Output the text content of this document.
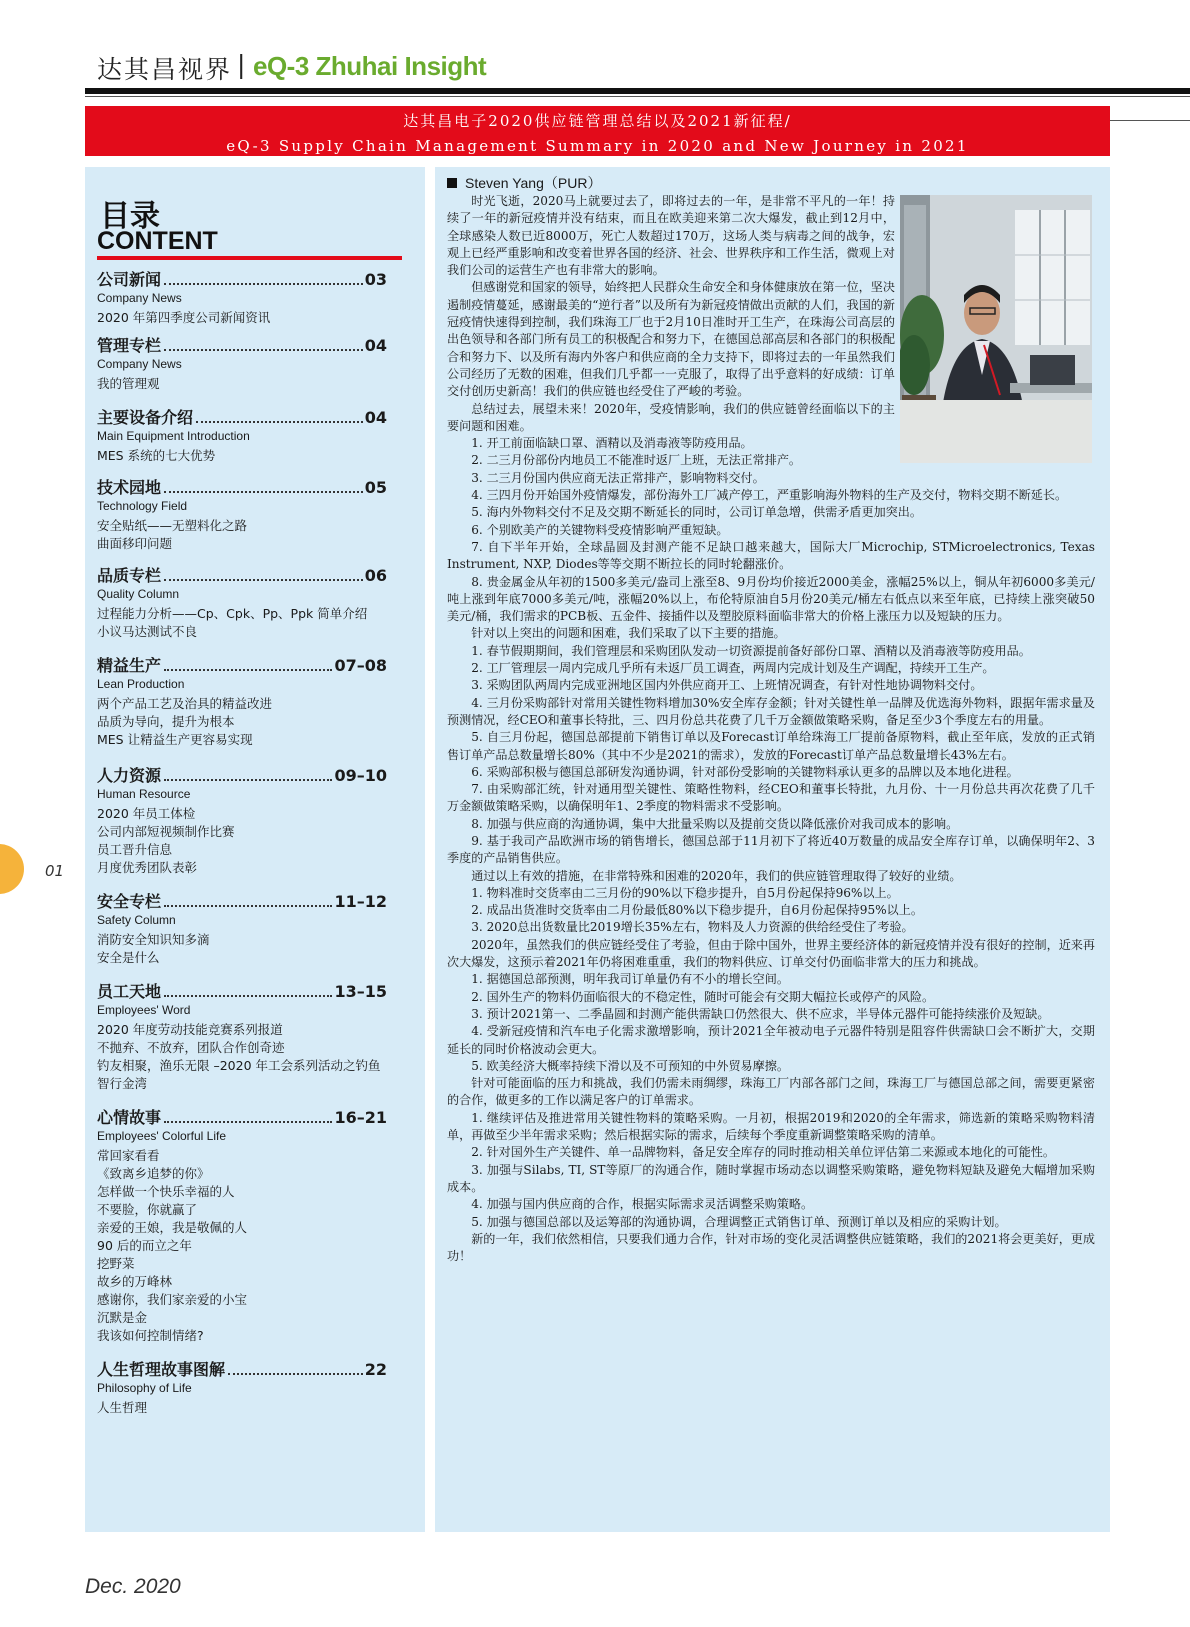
达其昌视界 | eQ-3 Zhuhai Insight
达其昌电子2020供应链管理总结以及2021新征程/
eQ-3 Supply Chain Management Summary in 2020 and New Journey in 2021
目录
CONTENT
公司新闻	03
Company News
2020 年第四季度公司新闻资讯
管理专栏	04
Company News
我的管理观
主要设备介绍	04
Main Equipment Introduction
MES 系统的七大优势
技术园地	05
Technology Field
安全贴纸——无塑料化之路
曲面移印问题
品质专栏	06
Quality Column
过程能力分析——Cp、Cpk、Pp、Ppk 简单介绍
小议马达测试不良
精益生产	07–08
Lean Production
两个产品工艺及治具的精益改进
品质为导向，提升为根本
MES 让精益生产更容易实现
人力资源	09–10
Human Resource
2020 年员工体检
公司内部短视频制作比赛
员工晋升信息
月度优秀团队表彰
安全专栏	11–12
Safety Column
消防安全知识知多滴
安全是什么
员工天地	13–15
Employees' Word
2020 年度劳动技能竞赛系列报道
不抛弃、不放弃，团队合作创奇迹
钓友相聚，渔乐无限 –2020 年工会系列活动之钓鱼
智行金湾
心情故事	16–21
Employees' Colorful Life
常回家看看
《致离乡追梦的你》
怎样做一个快乐幸福的人
不要脸，你就赢了
亲爱的王娘，我是敬佩的人
90 后的而立之年
挖野菜
故乡的万峰林
感谢你，我们家亲爱的小宝
沉默是金
我该如何控制情绪?
人生哲理故事图解	22
Philosophy of Life
人生哲理
Steven Yang（PUR）

时光飞逝，2020马上就要过去了，即将过去的一年，是非常不平凡的一年！持续了一年的新冠疫情并没有结束，而且在欧美迎来第二次大爆发，截止到12月中，全球感染人数已近8000万，死亡人数超过170万，这场人类与病毒之间的战争，宏观上已经严重影响和改变着世界各国的经济、社会、世界秩序和工作生活，微观上对我们公司的运营生产也有非常大的影响。

但感谢党和国家的领导，始终把人民群众生命安全和身体健康放在第一位，坚决遏制疫情蔓延，感谢最美的“逆行者”以及所有为新冠疫情做出贡献的人们，我国的新冠疫情快速得到控制，我们珠海工厂也于2月10日准时开工生产，在珠海公司高层的出色领导和各部门所有员工的积极配合和努力下，在德国总部高层和各部门的积极配合和努力下、以及所有海内外客户和供应商的全力支持下，即将过去的一年虽然我们公司经历了无数的困难，但我们几乎都一一克服了，取得了出乎意料的好成绩：订单交付创历史新高！我们的供应链也经受住了严峻的考验。

总结过去，展望未来！2020年，受疫情影响，我们的供应链曾经面临以下的主要问题和困难。

1. 开工前面临缺口罩、酒精以及消毒液等防疫用品。

2. 二三月份部份内地员工不能准时返厂上班，无法正常排产。

3. 二三月份国内供应商无法正常排产，影响物料交付。

4. 三四月份开始国外疫情爆发，部份海外工厂减产停工，严重影响海外物料的生产及交付，物料交期不断延长。

5. 海内外物料交付不足及交期不断延长的同时，公司订单急增，供需矛盾更加突出。

6. 个别欧美产的关键物料受疫情影响严重短缺。

7. 自下半年开始，全球晶圆及封测产能不足缺口越来越大，国际大厂Microchip, STMicroelectronics, Texas Instrument, NXP, Diodes等等交期不断拉长的同时轮翻涨价。

8. 贵金属金从年初的1500多美元/盎司上涨至8、9月份均价接近2000美金，涨幅25%以上，铜从年初6000多美元/吨上涨到年底7000多美元/吨，涨幅20%以上，布伦特原油自5月份20美元/桶左右低点以来至年底，已持续上涨突破50美元/桶，我们需求的PCB板、五金件、接插件以及塑胶原料面临非常大的价格上涨压力以及短缺的压力。

针对以上突出的问题和困难，我们采取了以下主要的措施。

1. 春节假期期间，我们管理层和采购团队发动一切资源提前备好部份口罩、酒精以及消毒液等防疫用品。

2. 工厂管理层一周内完成几乎所有未返厂员工调查，两周内完成计划及生产调配，持续开工生产。

3. 采购团队两周内完成亚洲地区国内外供应商开工、上班情况调查，有针对性地协调物料交付。

4. 三月份采购部针对常用关键性物料增加30%安全库存金额；针对关键性单一品牌及优选海外物料，跟据年需求量及预测情况，经CEO和董事长特批，三、四月份总共花费了几千万金额做策略采购，备足至少3个季度左右的用量。

5. 自三月份起，德国总部提前下销售订单以及Forecast订单给珠海工厂提前备原物料，截止至年底，发放的正式销售订单产品总数量增长80%（其中不少是2021的需求），发放的Forecast订单产品总数量增长43%左右。

6. 采购部积极与德国总部研发沟通协调，针对部份受影响的关键物料承认更多的品牌以及本地化进程。

7. 由采购部汇统，针对通用型关键性、策略性物料，经CEO和董事长特批，九月份、十一月份总共再次花费了几千万金额做策略采购，以确保明年1、2季度的物料需求不受影响。

8. 加强与供应商的沟通协调，集中大批量采购以及提前交货以降低涨价对我司成本的影响。

9. 基于我司产品欧洲市场的销售增长，德国总部于11月初下了将近40万数量的成品安全库存订单，以确保明年2、3季度的产品销售供应。

通过以上有效的措施，在非常特殊和困难的2020年，我们的供应链管理取得了较好的业绩。

1. 物料准时交货率由二三月份的90%以下稳步提升，自5月份起保持96%以上。

2. 成品出货准时交货率由二月份最低80%以下稳步提升，自6月份起保持95%以上。

3. 2020总出货数量比2019增长35%左右，物料及人力资源的供给经受住了考验。

2020年，虽然我们的供应链经受住了考验，但由于除中国外，世界主要经济体的新冠疫情并没有很好的控制，近来再次大爆发，这预示着2021年仍将困难重重，我们的物料供应、订单交付仍面临非常大的压力和挑战。

1. 据德国总部预测，明年我司订单量仍有不小的增长空间。

2. 国外生产的物料仍面临很大的不稳定性，随时可能会有交期大幅拉长或停产的风险。

3. 预计2021第一、二季晶圆和封测产能供需缺口仍然很大、供不应求，半导体元器件可能持续涨价及短缺。

4. 受新冠疫情和汽车电子化需求激增影响，预计2021全年被动电子元器件特别是阻容件供需缺口会不断扩大，交期延长的同时价格波动会更大。

5. 欧美经济大概率持续下滑以及不可预知的中外贸易摩擦。

针对可能面临的压力和挑战，我们仍需未雨绸缪，珠海工厂内部各部门之间，珠海工厂与德国总部之间，需要更紧密的合作，做更多的工作以满足客户的订单需求。

1. 继续评估及推进常用关键性物料的策略采购。一月初，根据2019和2020的全年需求，筛选新的策略采购物料清单，再做至少半年需求采购；然后根据实际的需求，后续每个季度重新调整策略采购的清单。

2. 针对国外生产关键件、单一品牌物料，备足安全库存的同时推动相关单位评估第二来源或本地化的可能性。

3. 加强与Silabs, TI, ST等原厂的沟通合作，随时掌握市场动态以调整采购策略，避免物料短缺及避免大幅增加采购成本。

4. 加强与国内供应商的合作，根据实际需求灵活调整采购策略。

5. 加强与德国总部以及运筹部的沟通协调，合理调整正式销售订单、预测订单以及相应的采购计划。

新的一年，我们依然相信，只要我们通力合作，针对市场的变化灵活调整供应链策略，我们的2021将会更美好，更成功！

01
Dec. 2020
